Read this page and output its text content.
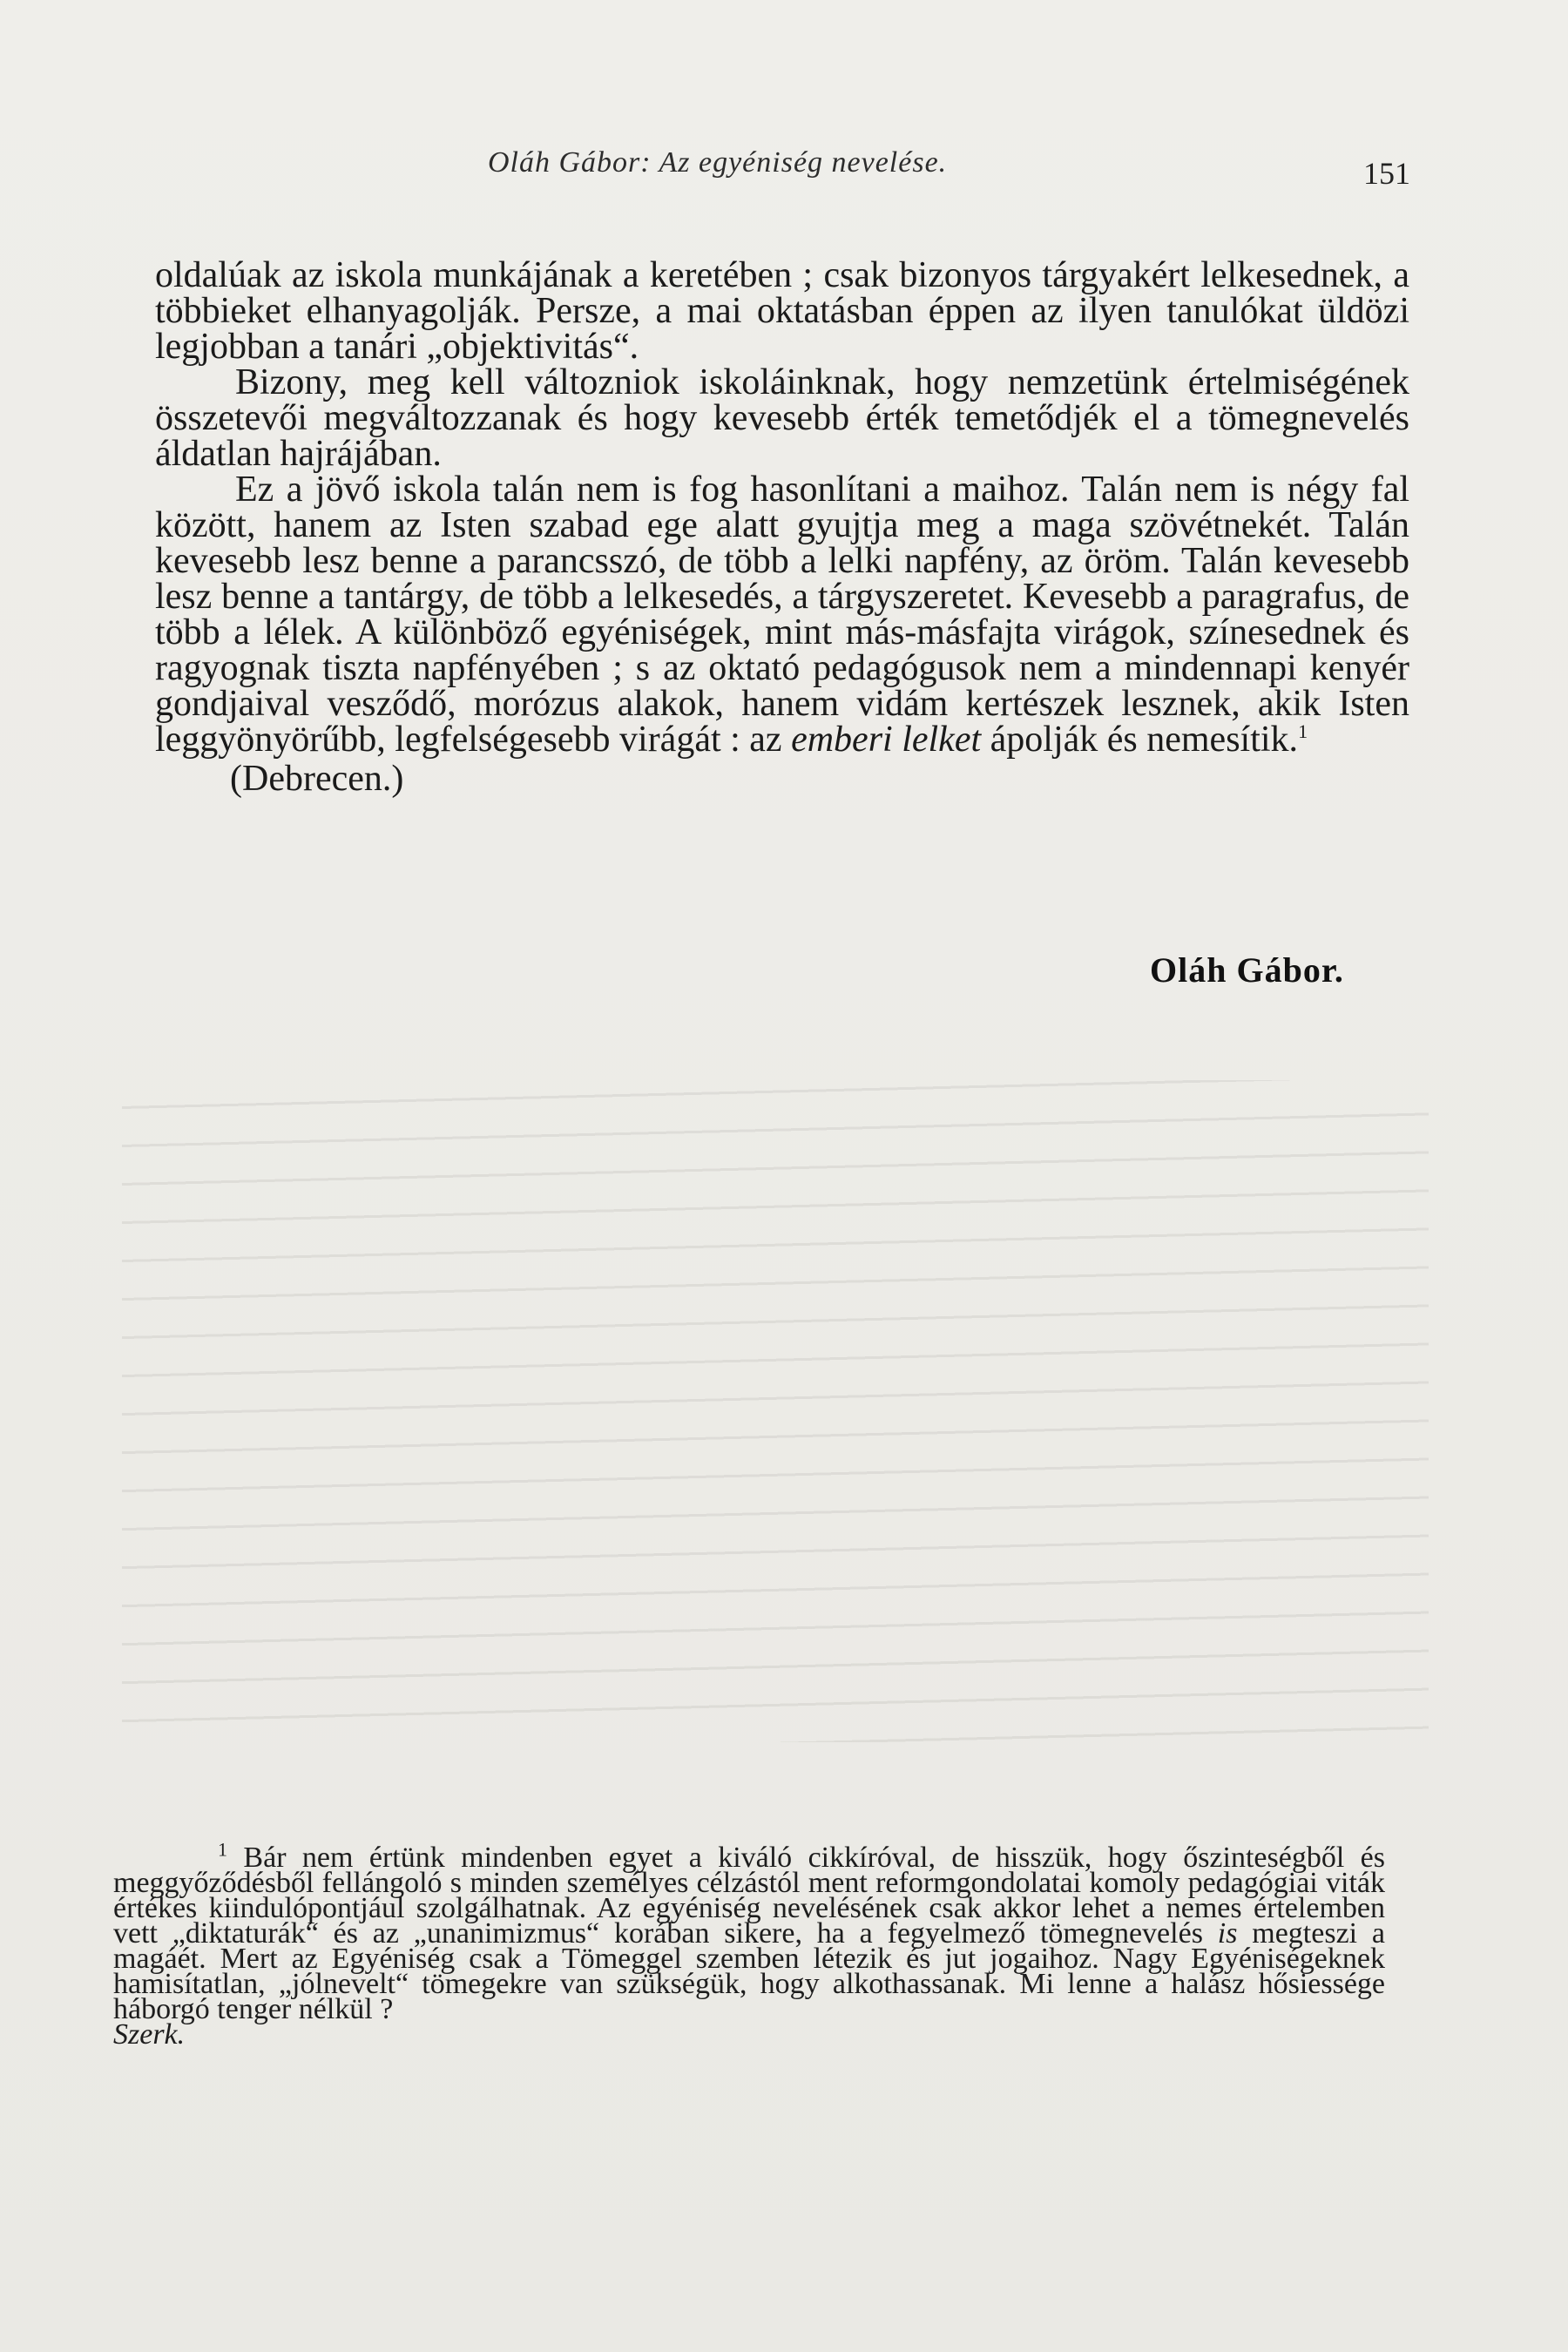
Oláh Gábor: Az egyéniség nevelése.	151

oldalúak az iskola munkájának a keretében ; csak bizonyos tárgyakért lelkesednek, a többieket elhanyagolják. Persze, a mai oktatásban éppen az ilyen tanulókat üldözi legjobban a tanári „objektivitás“.

Bizony, meg kell változniok iskoláinknak, hogy nemzetünk értelmiségének összetevői megváltozzanak és hogy kevesebb érték temetődjék el a tömegnevelés áldatlan hajrájában.

Ez a jövő iskola talán nem is fog hasonlítani a maihoz. Talán nem is négy fal között, hanem az Isten szabad ege alatt gyujtja meg a maga szövétnekét. Talán kevesebb lesz benne a parancsszó, de több a lelki napfény, az öröm. Talán kevesebb lesz benne a tantárgy, de több a lelkesedés, a tárgyszeretet. Kevesebb a paragrafus, de több a lélek. A különböző egyéniségek, mint más-másfajta virágok, színesednek és ragyognak tiszta napfényében ; s az oktató pedagógusok nem a mindennapi kenyér gondjaival vesződő, morózus alakok, hanem vidám kertészek lesznek, akik Isten leggyönyörűbb, legfelségesebb virágát : az emberi lelket ápolják és nemesítik.$^1$

(Debrecen.)

Oláh Gábor.

$^1$ Bár nem értünk mindenben egyet a kiváló cikkíróval, de hisszük, hogy őszinteségből és meggyőződésből fellángoló s minden személyes célzástól ment reformgondolatai komoly pedagógiai viták értékes kiindulópontjául szolgálhatnak. Az egyéniség nevelésének csak akkor lehet a nemes értelemben vett „diktaturák“ és az „unanimizmus“ korában sikere, ha a fegyelmező tömegnevelés is megteszi a magáét. Mert az Egyéniség csak a Tömeggel szemben létezik és jut jogaihoz. Nagy Egyéniségeknek hamisítatlan, „jólnevelt“ tömegekre van szükségük, hogy alkothassanak. Mi lenne a halász hősiessége háborgó tenger nélkül ?

Szerk.
